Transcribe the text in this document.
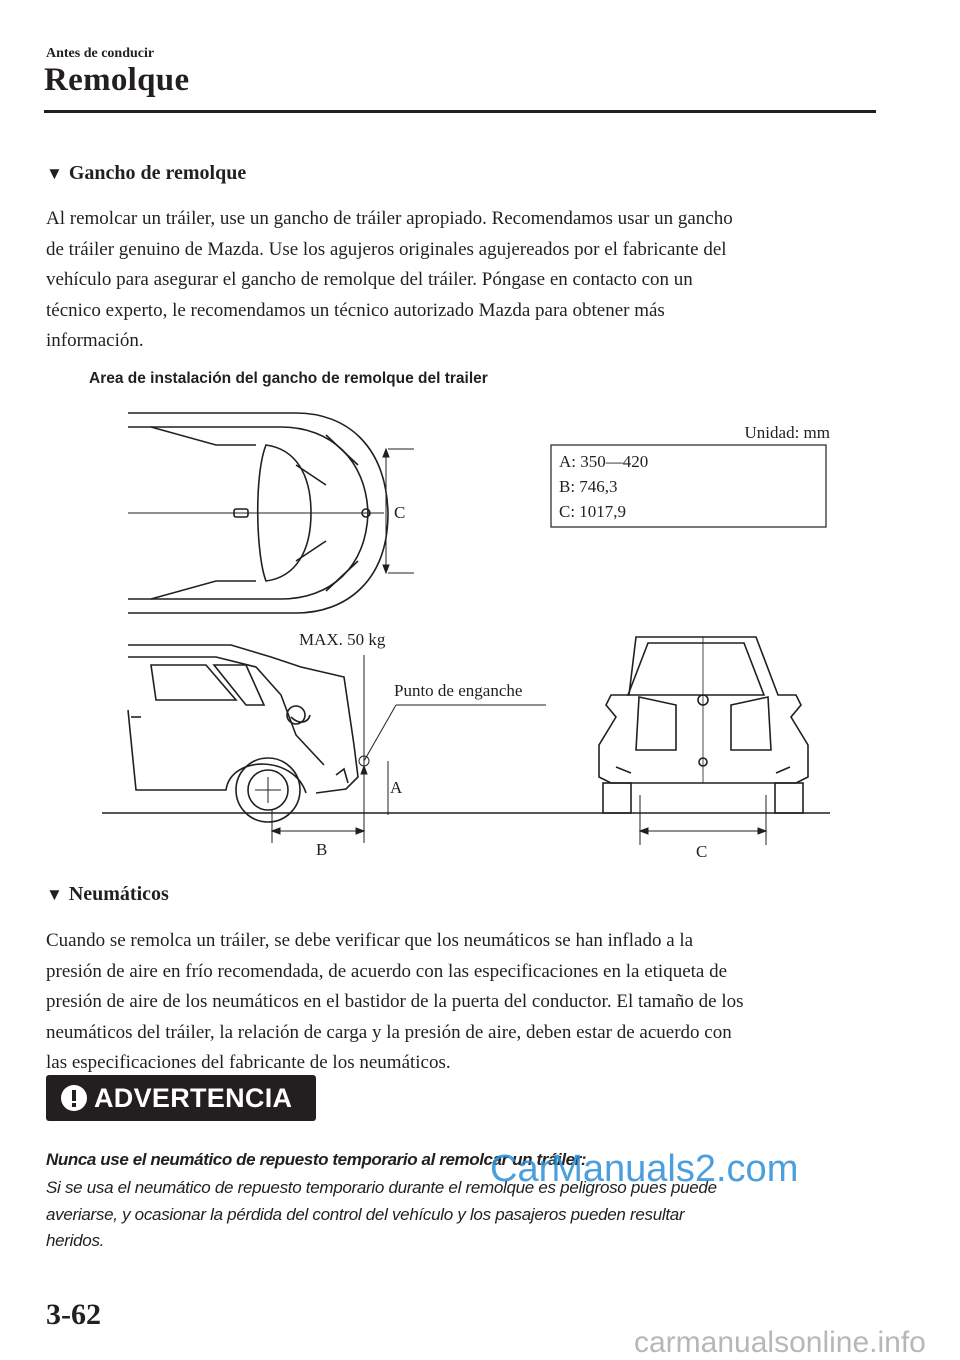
Antes de conducir
Remolque
▼ Gancho de remolque
Al remolcar un tráiler, use un gancho de tráiler apropiado. Recomendamos usar un gancho
de tráiler genuino de Mazda. Use los agujeros originales agujereados por el fabricante del
vehículo para asegurar el gancho de remolque del tráiler. Póngase en contacto con un
técnico experto, le recomendamos un técnico autorizado Mazda para obtener más
información.
Area de instalación del gancho de remolque del trailer
C
Unidad: mm
A: 350—420
B: 746,3
C: 1017,9
MAX. 50 kg
Punto de enganche
A
B	C
▼ Neumáticos
Cuando se remolca un tráiler, se debe verificar que los neumáticos se han inflado a la
presión de aire en frío recomendada, de acuerdo con las especificaciones en la etiqueta de
presión de aire de los neumáticos en el bastidor de la puerta del conductor. El tamaño de los
neumáticos del tráiler, la relación de carga y la presión de aire, deben estar de acuerdo con
las especificaciones del fabricante de los neumáticos.
ADVERTENCIA
Nunca use el neumático de repuesto temporario al remolcar un tráiler:
Si se usa el neumático de repuesto temporario durante el remolque es peligroso pues puede
averiarse, y ocasionar la pérdida del control del vehículo y los pasajeros pueden resultar
heridos.
CarManuals2.com
3-62
carmanualsonline.info
